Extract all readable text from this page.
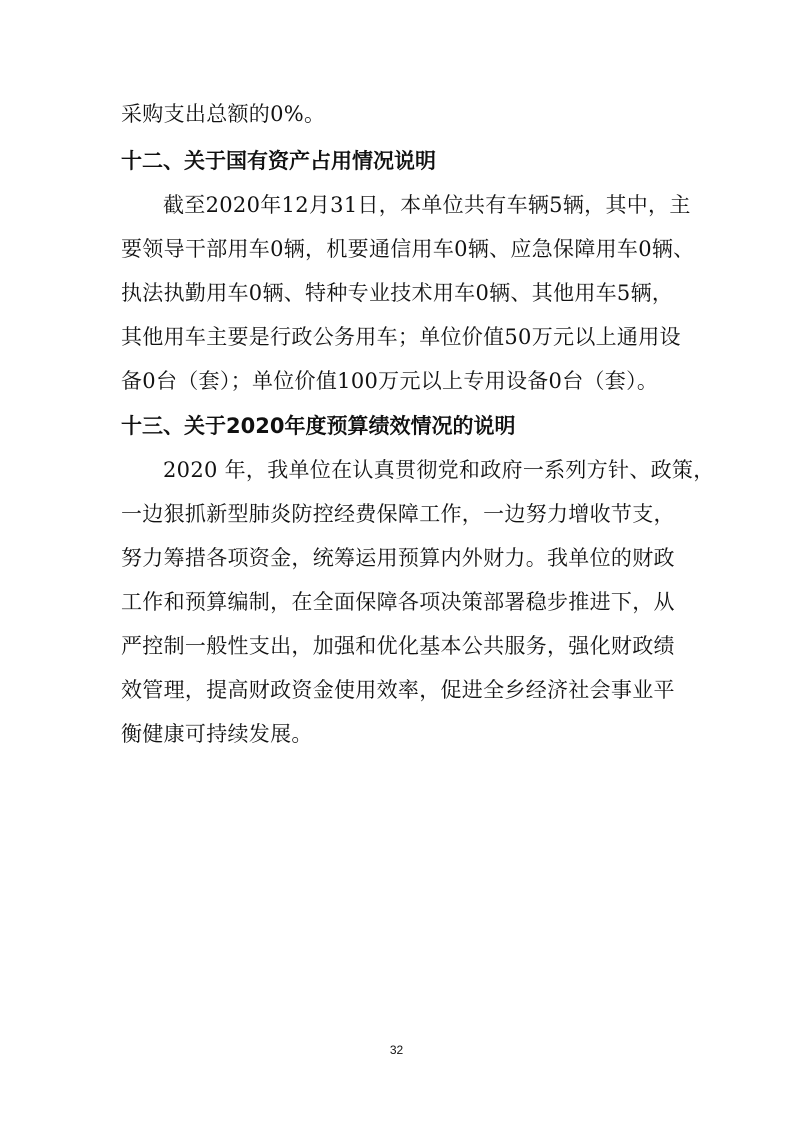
采购支出总额的0%。
十二、关于国有资产占用情况说明
截至2020年12月31日，本单位共有车辆5辆，其中，主
要领导干部用车0辆，机要通信用车0辆、应急保障用车0辆、
执法执勤用车0辆、特种专业技术用车0辆、其他用车5辆，
其他用车主要是行政公务用车；单位价值50万元以上通用设
备0台（套）；单位价值100万元以上专用设备0台（套）。
十三、关于2020年度预算绩效情况的说明
2020 年，我单位在认真贯彻党和政府一系列方针、政策，
一边狠抓新型肺炎防控经费保障工作，一边努力增收节支，
努力筹措各项资金，统筹运用预算内外财力。我单位的财政
工作和预算编制，在全面保障各项决策部署稳步推进下，从
严控制一般性支出，加强和优化基本公共服务，强化财政绩
效管理，提高财政资金使用效率，促进全乡经济社会事业平
衡健康可持续发展。
32
